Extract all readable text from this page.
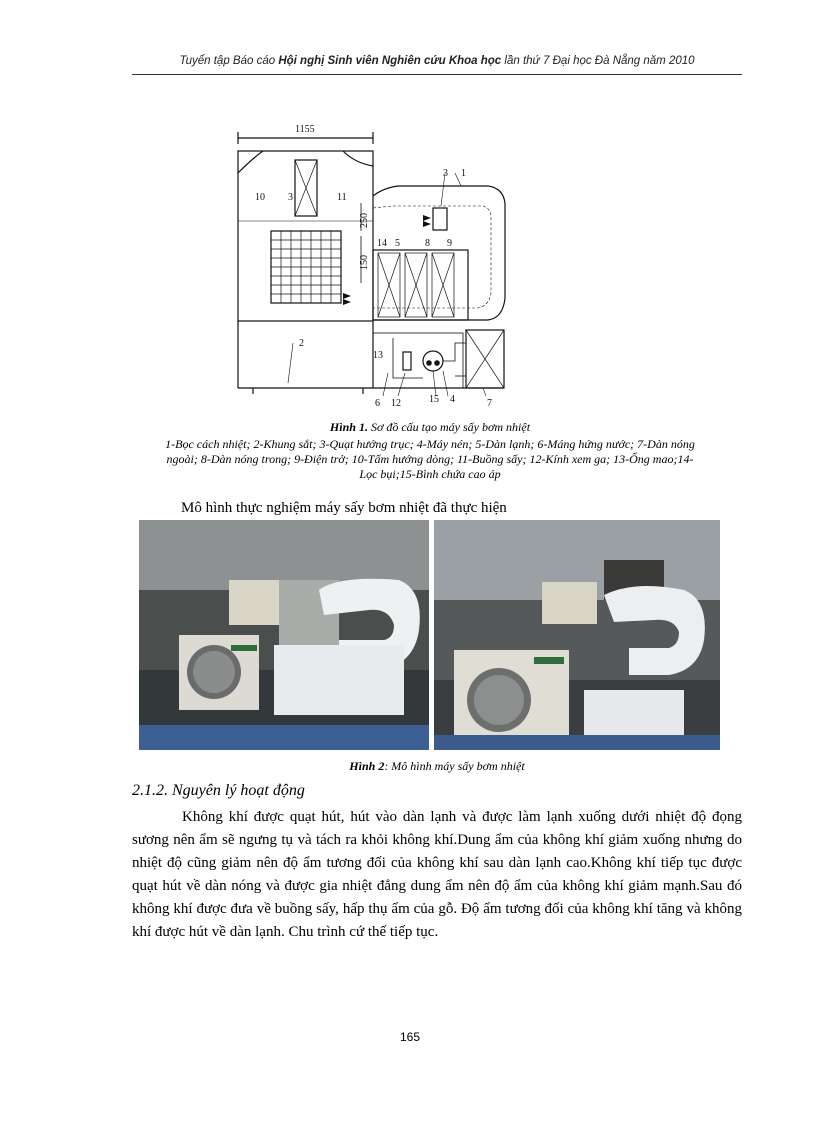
Tuyển tập Báo cáo Hội nghị Sinh viên Nghiên cứu Khoa học lần thứ 7 Đại học Đà Nẵng năm 2010
1155
250
150
1
2
3
3
4
5
6	7
8 9
10	11
12
13
14
15
Hình 1. Sơ đồ cấu tạo máy sấy bơm nhiệt
1-Bọc cách nhiệt; 2-Khung sắt; 3-Quạt hướng trục; 4-Máy nén; 5-Dàn lạnh; 6-Máng hứng nước; 7-Dàn nóng ngoài; 8-Dàn nóng trong; 9-Điện trở; 10-Tấm hướng dòng; 11-Buồng sấy; 12-Kính xem ga; 13-Ống mao;14-Lọc bụi;15-Bình chứa cao áp
Mô hình thực nghiệm máy sấy bơm nhiệt đã thực hiện
Hình 2: Mô hình máy sấy bơm nhiệt
2.1.2. Nguyên lý hoạt động
Không khí được quạt hút, hút vào dàn lạnh và được làm lạnh xuống dưới nhiệt độ đọng sương nên ẩm sẽ ngưng tụ và tách ra khỏi không khí.Dung ẩm của không khí giảm xuống nhưng do nhiệt độ cũng giảm nên độ ẩm tương đối của không khí sau dàn lạnh cao.Không khí tiếp tục được quạt hút về dàn nóng và được gia nhiệt đẳng dung ẩm nên độ ẩm của không khí giảm mạnh.Sau đó không khí được đưa về buồng sấy, hấp thụ ẩm của gỗ. Độ ẩm tương đối của không khí tăng và không khí được hút về dàn lạnh. Chu trình cứ thế tiếp tục.
165
